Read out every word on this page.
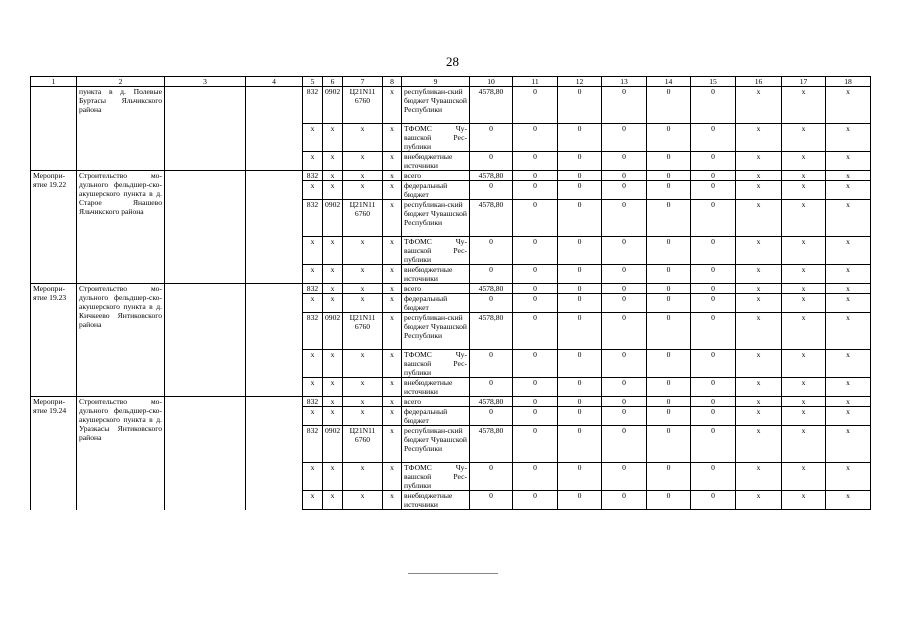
28
1	2	3	4	5	6	7	8	9	10	11	12	13	14	15	16	17	18
	пункта в д. Полевые Буртасы Яльчикского района			832	0902	Ц21N11 6760	х	республикан-ский бюджет Чувашской Республики	4578,80	0	0	0	0	0	х	х	х
				х	х	х	х	ТФОМС Чу-вашской Рес-публики	0	0	0	0	0	0	х	х	х
				х	х	х	х	внебюджетные источники	0	0	0	0	0	0	х	х	х
Меропри-ятие 19.22	Строительство мо-дульного фельдшер-ско-акушерского пункта в д. Старое Янашево Яльчикского района			832	х	х	х	всего	4578,80	0	0	0	0	0	х	х	х
				х	х	х	х	федеральный бюджет	0	0	0	0	0	0	х	х	х
				832	0902	Ц21N11 6760	х	республикан-ский бюджет Чувашской Республики	4578,80	0	0	0	0	0	х	х	х
				х	х	х	х	ТФОМС Чу-вашской Рес-публики	0	0	0	0	0	0	х	х	х
				х	х	х	х	внебюджетные источники	0	0	0	0	0	0	х	х	х
Меропри-ятие 19.23	Строительство мо-дульного фельдшер-ско-акушерского пункта в д. Кичкеево Янтиковского района			832	х	х	х	всего	4578,80	0	0	0	0	0	х	х	х
				х	х	х	х	федеральный бюджет	0	0	0	0	0	0	х	х	х
				832	0902	Ц21N11 6760	х	республикан-ский бюджет Чувашской Республики	4578,80	0	0	0	0	0	х	х	х
				х	х	х	х	ТФОМС Чу-вашской Рес-публики	0	0	0	0	0	0	х	х	х
				х	х	х	х	внебюджетные источники	0	0	0	0	0	0	х	х	х
Меропри-ятие 19.24	Строительство мо-дульного фельдшер-ско-акушерского пункта в д. Уразкасы Янтиковского района			832	х	х	х	всего	4578,80	0	0	0	0	0	х	х	х
				х	х	х	х	федеральный бюджет	0	0	0	0	0	0	х	х	х
				832	0902	Ц21N11 6760	х	республикан-ский бюджет Чувашской Республики	4578,80	0	0	0	0	0	х	х	х
				х	х	х	х	ТФОМС Чу-вашской Рес-публики	0	0	0	0	0	0	х	х	х
				х	х	х	х	внебюджетные источники	0	0	0	0	0	0	х	х	х
